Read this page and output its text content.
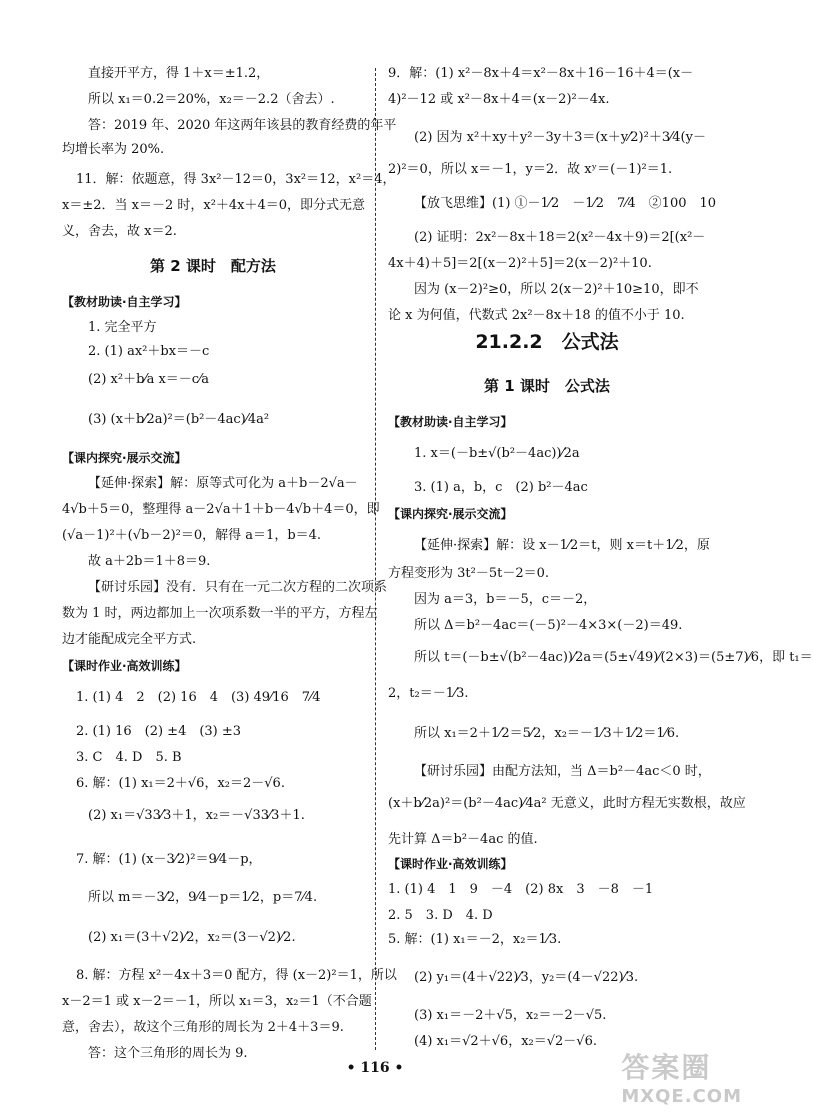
直接开平方，得 1＋x＝±1.2，
所以 x₁＝0.2＝20%，x₂＝－2.2（舍去）.
答：2019 年、2020 年这两年该县的教育经费的年平
均增长率为 20%.
11．解：依题意，得 3x²－12＝0，3x²＝12，x²＝4，
x＝±2．当 x＝－2 时，x²＋4x＋4＝0，即分式无意
义，舍去，故 x＝2.
第 2 课时　配方法
【教材助读·自主学习】
1. 完全平方
2. (1) ax²＋bx＝－c
(2) x²＋b⁄a x＝－c⁄a
(3) (x＋b⁄2a)²＝(b²－4ac)⁄4a²
【课内探究·展示交流】
【延伸·探索】解：原等式可化为 a＋b－2√a－
4√b＋5＝0，整理得 a－2√a＋1＋b－4√b＋4＝0，即
(√a－1)²＋(√b－2)²＝0，解得 a＝1，b＝4.
故 a＋2b＝1＋8＝9.
【研讨乐园】没有．只有在一元二次方程的二次项系
数为 1 时，两边都加上一次项系数一半的平方，方程左
边才能配成完全平方式.
【课时作业·高效训练】
1. (1) 4　2　(2) 16　4　(3) 49⁄16　7⁄4
2. (1) 16　(2) ±4　(3) ±3
3. C　4. D　5. B
6. 解：(1) x₁＝2＋√6，x₂＝2－√6.
(2) x₁＝√33⁄3＋1，x₂＝－√33⁄3＋1.
7. 解：(1) (x－3⁄2)²＝9⁄4－p，
所以 m＝－3⁄2，9⁄4－p＝1⁄2，p＝7⁄4.
(2) x₁＝(3＋√2)⁄2，x₂＝(3－√2)⁄2.
8. 解：方程 x²－4x＋3＝0 配方，得 (x－2)²＝1，所以
x－2＝1 或 x－2＝－1，所以 x₁＝3，x₂＝1（不合题
意，舍去），故这个三角形的周长为 2＋4＋3＝9.
答：这个三角形的周长为 9.
9．解：(1) x²－8x＋4＝x²－8x＋16－16＋4＝(x－
4)²－12 或 x²－8x＋4＝(x－2)²－4x.
(2) 因为 x²＋xy＋y²－3y＋3＝(x＋y⁄2)²＋3⁄4(y－
2)²＝0，所以 x＝－1，y＝2．故 xʸ＝(－1)²＝1.
【放飞思维】(1) ①－1⁄2　－1⁄2　7⁄4　②100　10
(2) 证明：2x²－8x＋18＝2(x²－4x＋9)＝2[(x²－
4x＋4)＋5]＝2[(x－2)²＋5]＝2(x－2)²＋10.
因为 (x－2)²≥0，所以 2(x－2)²＋10≥10，即不
论 x 为何值，代数式 2x²－8x＋18 的值不小于 10.
21.2.2　公式法
第 1 课时　公式法
【教材助读·自主学习】
1. x＝(－b±√(b²－4ac))⁄2a
3. (1) a，b，c　(2) b²－4ac
【课内探究·展示交流】
【延伸·探索】解：设 x－1⁄2＝t，则 x＝t＋1⁄2，原
方程变形为 3t²－5t－2＝0.
因为 a＝3，b＝－5，c＝－2，
所以 Δ＝b²－4ac＝(－5)²－4×3×(－2)＝49.
所以 t＝(－b±√(b²－4ac))⁄2a＝(5±√49)⁄(2×3)＝(5±7)⁄6，即 t₁＝
2，t₂＝－1⁄3.
所以 x₁＝2＋1⁄2＝5⁄2，x₂＝－1⁄3＋1⁄2＝1⁄6.
【研讨乐园】由配方法知，当 Δ＝b²－4ac＜0 时，
(x＋b⁄2a)²＝(b²－4ac)⁄4a² 无意义，此时方程无实数根，故应
先计算 Δ＝b²－4ac 的值.
【课时作业·高效训练】
1. (1) 4　1　9　－4　(2) 8x　3　－8　－1
2. 5　3. D　4. D
5. 解：(1) x₁＝－2，x₂＝1⁄3.
(2) y₁＝(4＋√22)⁄3，y₂＝(4－√22)⁄3.
(3) x₁＝－2＋√5，x₂＝－2－√5.
(4) x₁＝√2＋√6，x₂＝√2－√6.
• 116 •	答案圈
MXQE.COM
